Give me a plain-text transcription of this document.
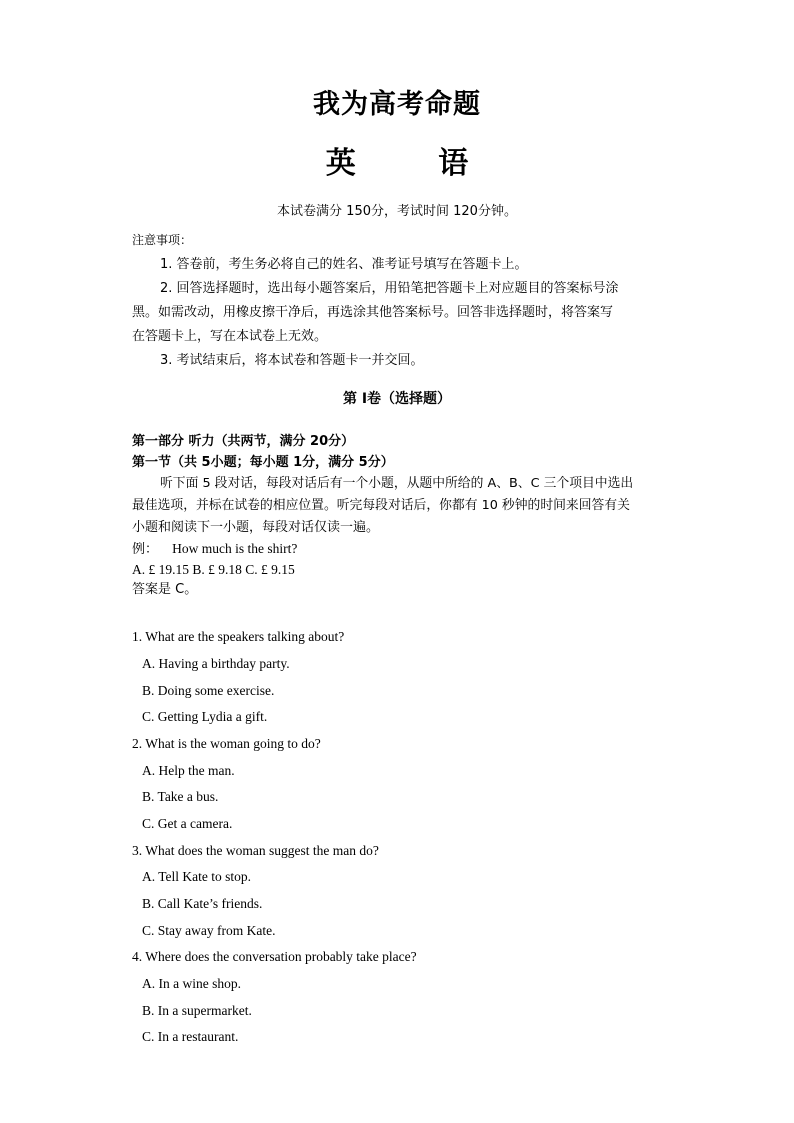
我为高考命题
英 语
本试卷满分 150分，考试时间 120分钟。
注意事项：
1. 答卷前，考生务必将自己的姓名、准考证号填写在答题卡上。
2. 回答选择题时，选出每小题答案后，用铅笔把答题卡上对应题目的答案标号涂
黑。如需改动，用橡皮擦干净后，再选涂其他答案标号。回答非选择题时，将答案写
在答题卡上，写在本试卷上无效。
3. 考试结束后，将本试卷和答题卡一并交回。
第 I卷（选择题）
第一部分 听力（共两节，满分 20分）
第一节（共 5小题；每小题 1分，满分 5分）
听下面 5 段对话，每段对话后有一个小题，从题中所给的 A、B、C 三个项目中选出
最佳选项，并标在试卷的相应位置。听完每段对话后，你都有 10 秒钟的时间来回答有关
小题和阅读下一小题，每段对话仅读一遍。
例： How much is the shirt?
A. £ 19.15 B. £ 9.18 C. £ 9.15
答案是 C。
1. What are the speakers talking about?
A. Having a birthday party.
B. Doing some exercise.
C. Getting Lydia a gift.
2. What is the woman going to do?
A. Help the man.
B. Take a bus.
C. Get a camera.
3. What does the woman suggest the man do?
A. Tell Kate to stop.
B. Call Kate’s friends.
C. Stay away from Kate.
4. Where does the conversation probably take place?
A. In a wine shop.
B. In a supermarket.
C. In a restaurant.
